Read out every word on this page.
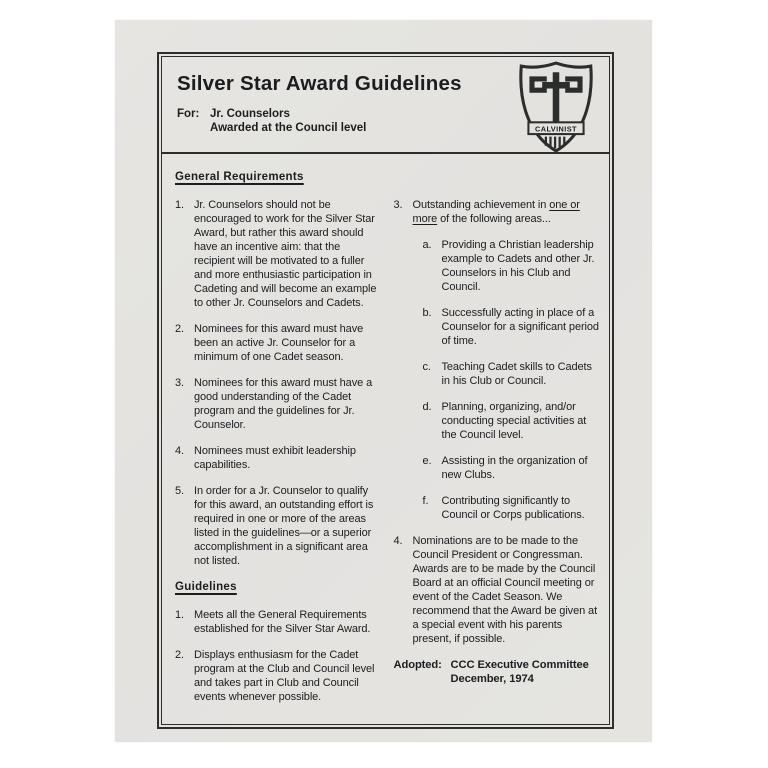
Silver Star Award Guidelines
For: Jr. Counselors
Awarded at the Council level	CALVINIST
General Requirements
1. Jr. Counselors should not be encouraged to work for the Silver Star Award, but rather this award should have an incentive aim: that the recipient will be motivated to a fuller and more enthusiastic participation in Cadeting and will become an example to other Jr. Counselors and Cadets.
2. Nominees for this award must have been an active Jr. Counselor for a minimum of one Cadet season.
3. Nominees for this award must have a good understanding of the Cadet program and the guidelines for Jr. Counselor.
4. Nominees must exhibit leadership capabilities.
5. In order for a Jr. Counselor to qualify for this award, an outstanding effort is required in one or more of the areas listed in the guidelines—or a superior accomplishment in a significant area not listed.
Guidelines
1. Meets all the General Requirements established for the Silver Star Award.
2. Displays enthusiasm for the Cadet program at the Club and Council level and takes part in Club and Council events whenever possible.
3. Outstanding achievement in one or more of the following areas...
a. Providing a Christian leadership example to Cadets and other Jr. Counselors in his Club and Council.
b. Successfully acting in place of a Counselor for a significant period of time.
c. Teaching Cadet skills to Cadets in his Club or Council.
d. Planning, organizing, and/or conducting special activities at the Council level.
e. Assisting in the organization of new Clubs.
f.	Contributing significantly to Council or Corps publications.
4. Nominations are to be made to the Council President or Congressman. Awards are to be made by the Council Board at an official Council meeting or event of the Cadet Season. We recommend that the Award be given at a special event with his parents present, if possible.
Adopted: CCC Executive Committee
December, 1974
